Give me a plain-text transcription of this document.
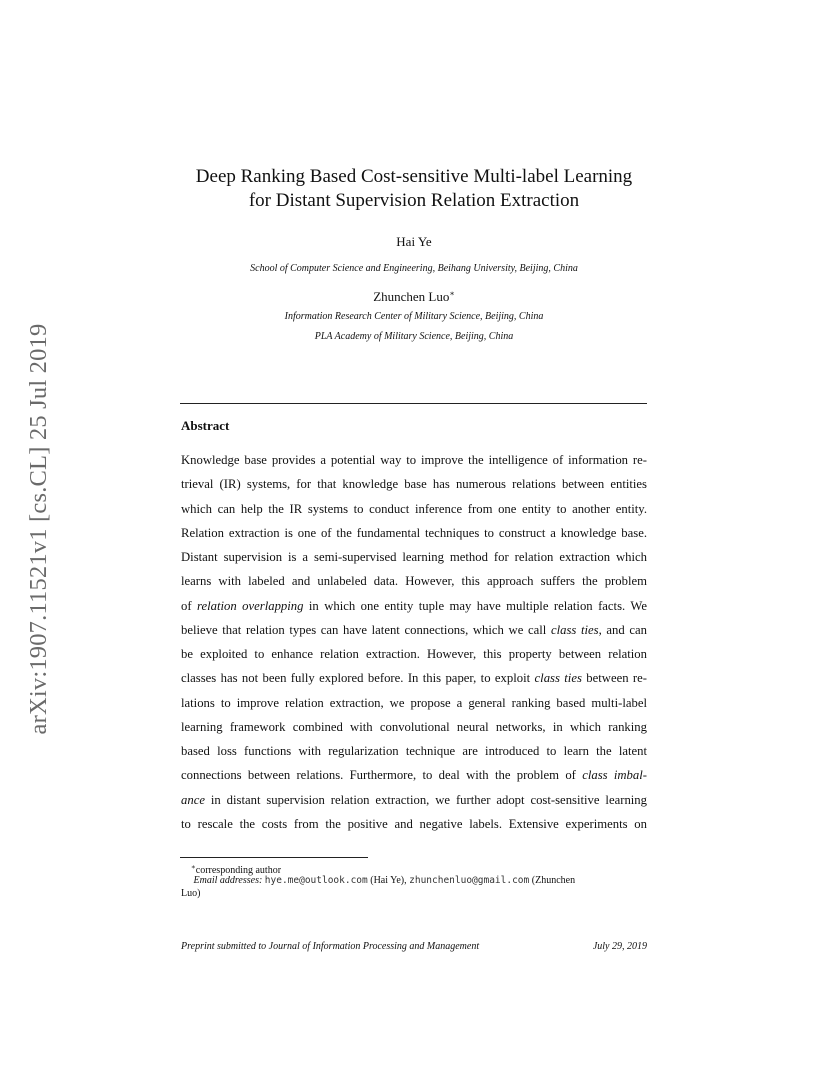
arXiv:1907.11521v1 [cs.CL] 25 Jul 2019
Deep Ranking Based Cost-sensitive Multi-label Learning
for Distant Supervision Relation Extraction
Hai Ye
School of Computer Science and Engineering, Beihang University, Beijing, China
Zhunchen Luo∗
Information Research Center of Military Science, Beijing, China
PLA Academy of Military Science, Beijing, China
Abstract
Knowledge base provides a potential way to improve the intelligence of information re-
trieval (IR) systems, for that knowledge base has numerous relations between entities
which can help the IR systems to conduct inference from one entity to another entity.
Relation extraction is one of the fundamental techniques to construct a knowledge base.
Distant supervision is a semi-supervised learning method for relation extraction which
learns with labeled and unlabeled data. However, this approach suffers the problem
of relation overlapping in which one entity tuple may have multiple relation facts. We
believe that relation types can have latent connections, which we call class ties, and can
be exploited to enhance relation extraction. However, this property between relation
classes has not been fully explored before. In this paper, to exploit class ties between re-
lations to improve relation extraction, we propose a general ranking based multi-label
learning framework combined with convolutional neural networks, in which ranking
based loss functions with regularization technique are introduced to learn the latent
connections between relations. Furthermore, to deal with the problem of class imbal-
ance in distant supervision relation extraction, we further adopt cost-sensitive learning
to rescale the costs from the positive and negative labels. Extensive experiments on
∗corresponding author
Email addresses: hye.me@outlook.com (Hai Ye), zhunchenluo@gmail.com (Zhunchen
Luo)
Preprint submitted to Journal of Information Processing and Management	July 29, 2019
